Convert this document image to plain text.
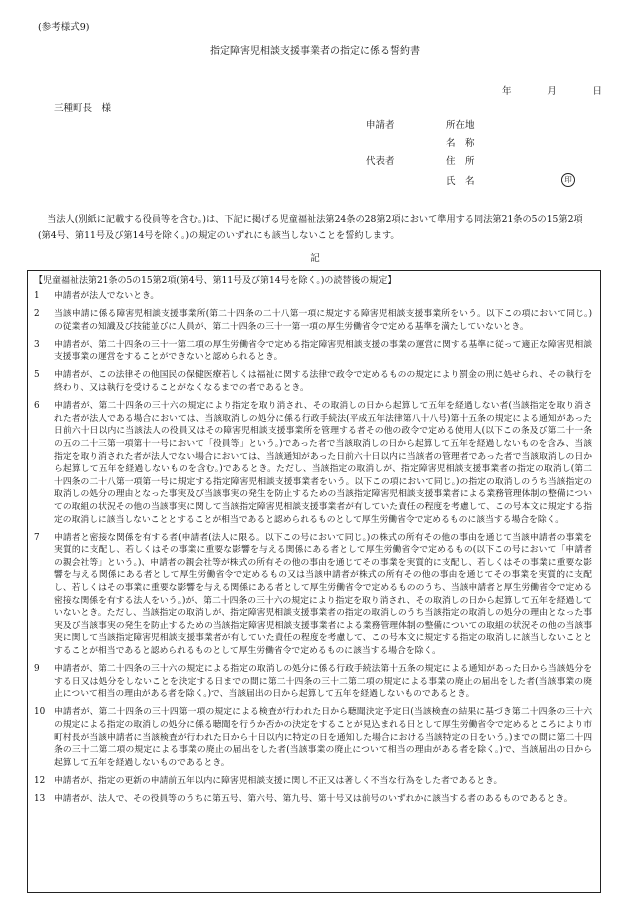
(参考様式9)
指定障害児相談支援事業者の指定に係る誓約書
年	月	日
三種町長　様
申請者	所在地
名　称
代表者	住　所
氏　名	印
当法人(別紙に記載する役員等を含む。)は、下記に掲げる児童福祉法第24条の28第2項において準用する同法第21条の5の15第2項(第4号、第11号及び第14号を除く。)の規定のいずれにも該当しないことを誓約します。
記
【児童福祉法第21条の5の15第2項(第4号、第11号及び第14号を除く。)の読替後の規定】
1	申請者が法人でないとき。
2	当該申請に係る障害児相談支援事業所(第二十四条の二十八第一項に規定する障害児相談支援事業所をいう。以下この項において同じ。)の従業者の知識及び技能並びに人員が、第二十四条の三十一第一項の厚生労働省令で定める基準を満たしていないとき。
3	申請者が、第二十四条の三十一第二項の厚生労働省令で定める指定障害児相談支援の事業の運営に関する基準に従って適正な障害児相談支援事業の運営をすることができないと認められるとき。
5	申請者が、この法律その他国民の保健医療若しくは福祉に関する法律で政令で定めるものの規定により罰金の刑に処せられ、その執行を終わり、又は執行を受けることがなくなるまでの者であるとき。
6	申請者が、第二十四条の三十六の規定により指定を取り消され、その取消しの日から起算して五年を経過しない者(当該指定を取り消された者が法人である場合においては、当該取消しの処分に係る行政手続法(平成五年法律第八十八号)第十五条の規定による通知があった日前六十日以内に当該法人の役員又はその障害児相談支援事業所を管理する者その他の政令で定める使用人(以下この条及び第二十一条の五の二十三第一項第十一号において「役員等」という。)であった者で当該取消しの日から起算して五年を経過しないものを含み、当該指定を取り消された者が法人でない場合においては、当該通知があった日前六十日以内に当該者の管理者であった者で当該取消しの日から起算して五年を経過しないものを含む。)であるとき。ただし、当該指定の取消しが、指定障害児相談支援事業者の指定の取消し(第二十四条の二十八第一項第一号に規定する指定障害児相談支援事業者をいう。以下この項において同じ。)の指定の取消しのうち当該指定の取消しの処分の理由となった事実及び当該事実の発生を防止するための当該指定障害児相談支援事業者による業務管理体制の整備についての取組の状況その他の当該事実に関して当該指定障害児相談支援事業者が有していた責任の程度を考慮して、この号本文に規定する指定の取消しに該当しないこととすることが相当であると認められるものとして厚生労働省令で定めるものに該当する場合を除く。
7	申請者と密接な関係を有する者(申請者(法人に限る。以下この号において同じ。)の株式の所有その他の事由を通じて当該申請者の事業を実質的に支配し、若しくはその事業に重要な影響を与える関係にある者として厚生労働省令で定めるもの(以下この号において「申請者の親会社等」という。)、申請者の親会社等が株式の所有その他の事由を通じてその事業を実質的に支配し、若しくはその事業に重要な影響を与える関係にある者として厚生労働省令で定めるもの又は当該申請者が株式の所有その他の事由を通じてその事業を実質的に支配し、若しくはその事業に重要な影響を与える関係にある者として厚生労働省令で定めるもののうち、当該申請者と厚生労働省令で定める密接な関係を有する法人をいう。)が、第二十四条の三十六の規定により指定を取り消され、その取消しの日から起算して五年を経過していないとき。ただし、当該指定の取消しが、指定障害児相談支援事業者の指定の取消しのうち当該指定の取消しの処分の理由となった事実及び当該事実の発生を防止するための当該指定障害児相談支援事業者による業務管理体制の整備についての取組の状況その他の当該事実に関して当該指定障害児相談支援事業者が有していた責任の程度を考慮して、この号本文に規定する指定の取消しに該当しないこととすることが相当であると認められるものとして厚生労働省令で定めるものに該当する場合を除く。
9	申請者が、第二十四条の三十六の規定による指定の取消しの処分に係る行政手続法第十五条の規定による通知があった日から当該処分をする日又は処分をしないことを決定する日までの間に第二十四条の三十二第二項の規定による事業の廃止の届出をした者(当該事業の廃止について相当の理由がある者を除く。)で、当該届出の日から起算して五年を経過しないものであるとき。
10 申請者が、第二十四条の三十四第一項の規定による検査が行われた日から聴聞決定予定日(当該検査の結果に基づき第二十四条の三十六の規定による指定の取消しの処分に係る聴聞を行うか否かの決定をすることが見込まれる日として厚生労働省令で定めるところにより市町村長が当該申請者に当該検査が行われた日から十日以内に特定の日を通知した場合における当該特定の日をいう。)までの間に第二十四条の三十二第二項の規定による事業の廃止の届出をした者(当該事業の廃止について相当の理由がある者を除く。)で、当該届出の日から起算して五年を経過しないものであるとき。
12 申請者が、指定の更新の申請前五年以内に障害児相談支援に関し不正又は著しく不当な行為をした者であるとき。
13 申請者が、法人で、その役員等のうちに第五号、第六号、第九号、第十号又は前号のいずれかに該当する者のあるものであるとき。
